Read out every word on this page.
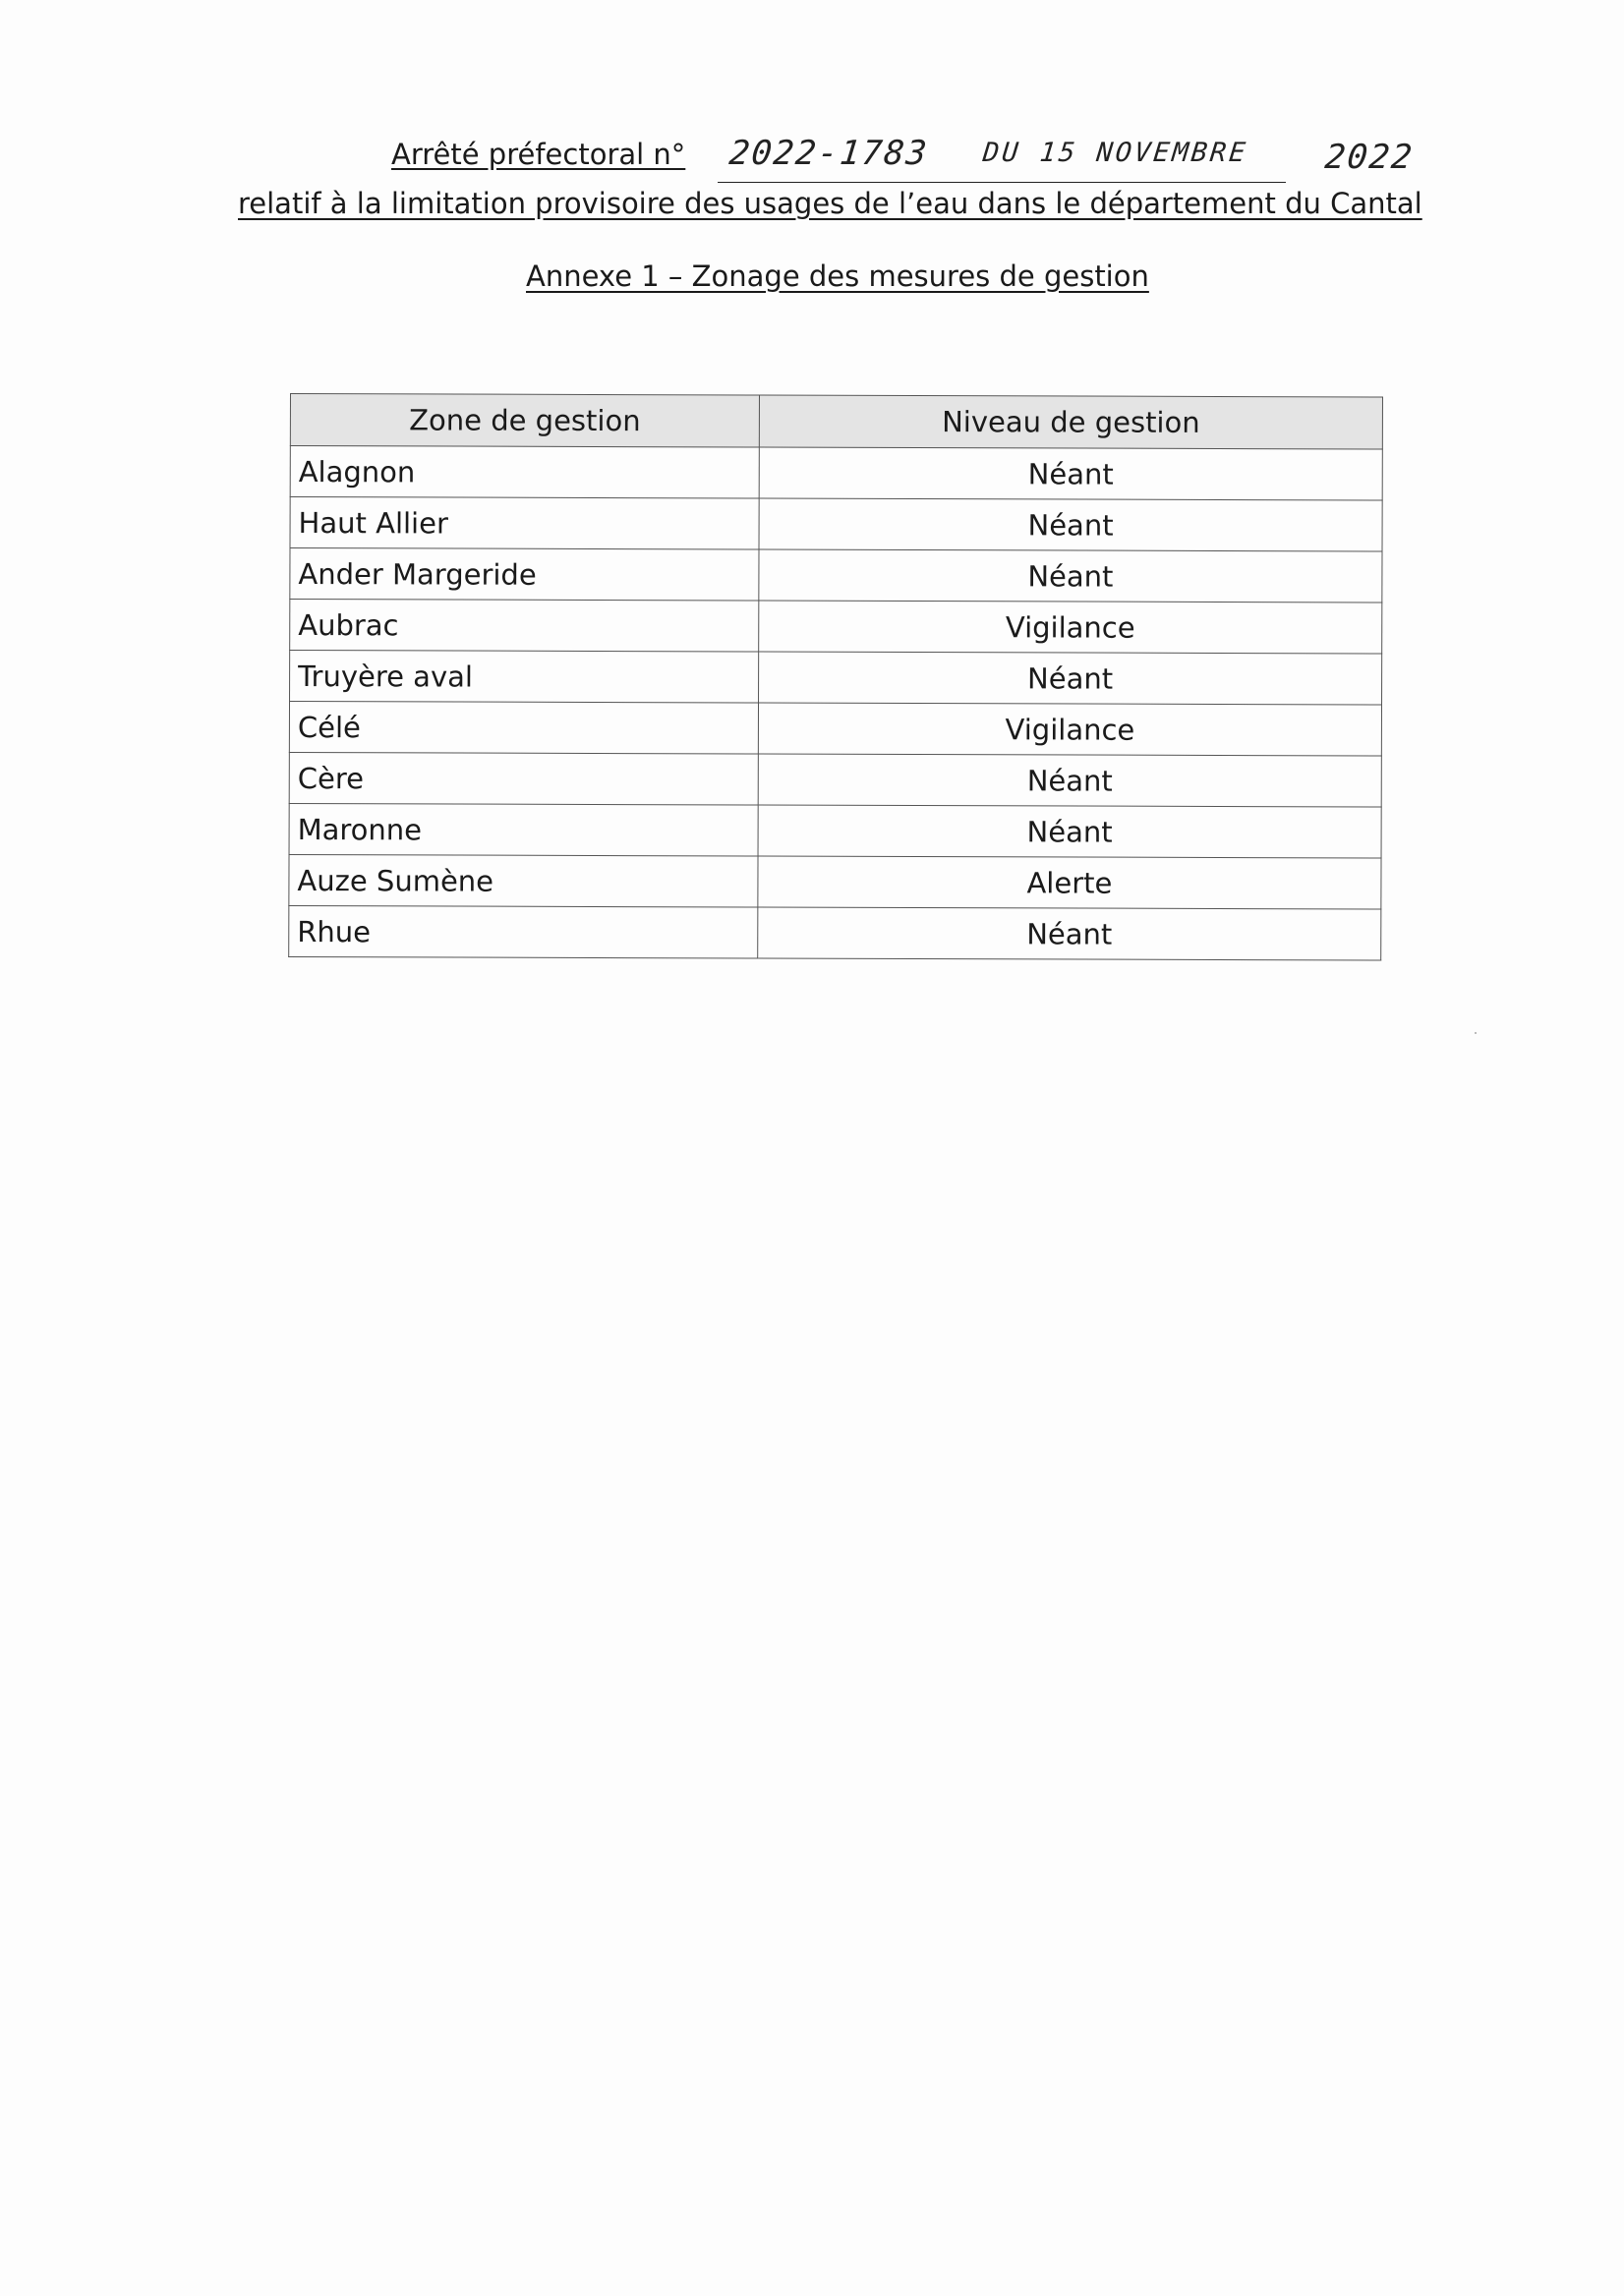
Arrêté préfectoral n° 2022-1783 DU 15 NOVEMBRE 2022
relatif à la limitation provisoire des usages de l’eau dans le département du Cantal
Annexe 1 – Zonage des mesures de gestion
Zone de gestion	Niveau de gestion
Alagnon	Néant
Haut Allier	Néant
Ander Margeride	Néant
Aubrac	Vigilance
Truyère aval	Néant
Célé	Vigilance
Cère	Néant
Maronne	Néant
Auze Sumène	Alerte
Rhue	Néant
